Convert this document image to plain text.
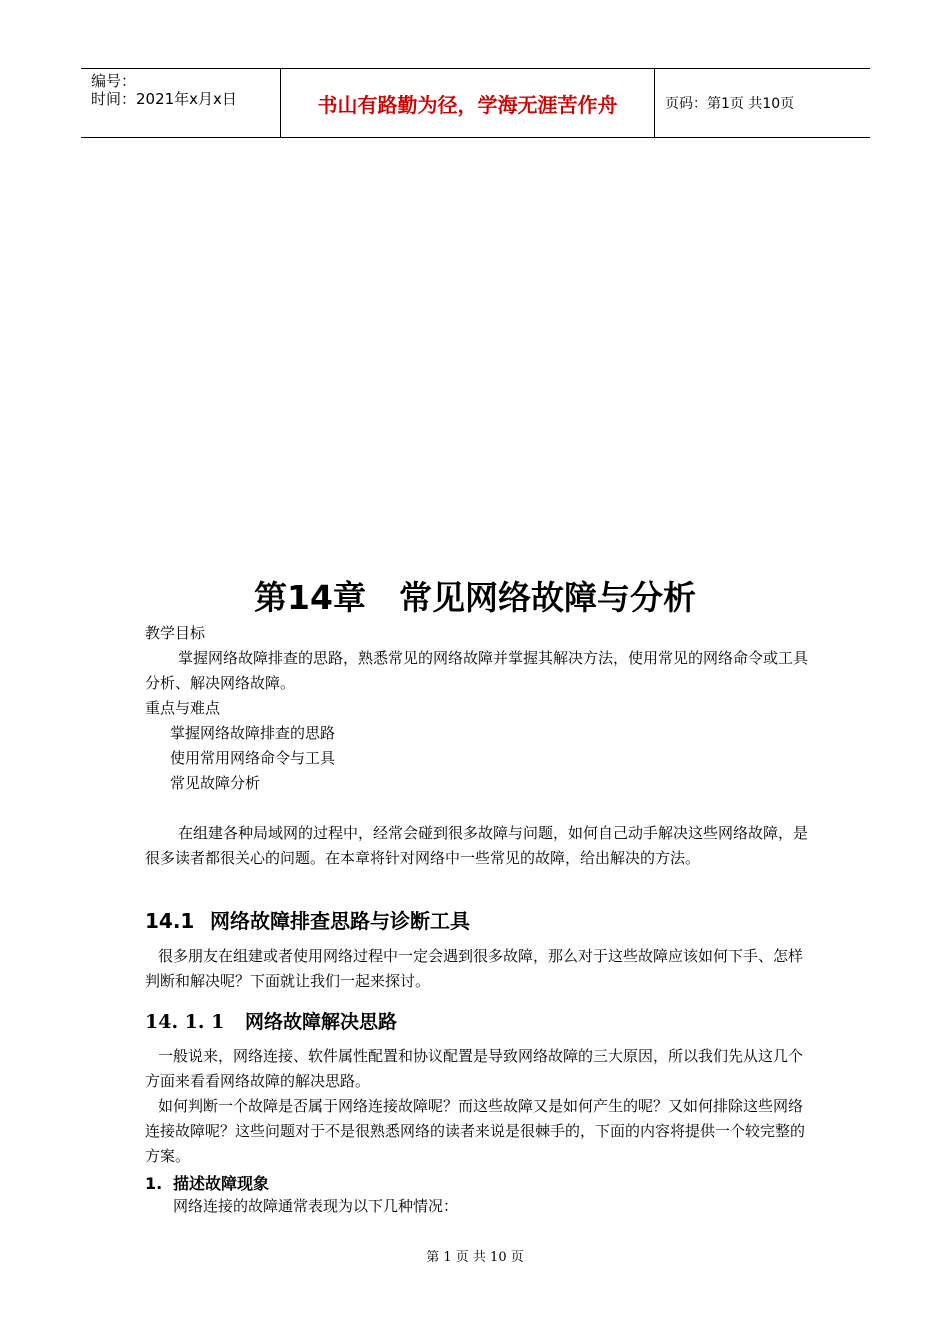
编号：
时间：2021年x月x日	书山有路勤为径，学海无涯苦作舟	页码：第1页 共10页
第14章　常见网络故障与分析
教学目标

掌握网络故障排查的思路，熟悉常见的网络故障并掌握其解决方法，使用常见的网络命令或工具分析、解决网络故障。

重点与难点
掌握网络故障排查的思路
使用常用网络命令与工具
常见故障分析

在组建各种局域网的过程中，经常会碰到很多故障与问题，如何自己动手解决这些网络故障，是很多读者都很关心的问题。在本章将针对网络中一些常见的故障，给出解决的方法。

14.1 网络故障排查思路与诊断工具

很多朋友在组建或者使用网络过程中一定会遇到很多故障，那么对于这些故障应该如何下手、怎样判断和解决呢？下面就让我们一起来探讨。

14. 1. 1 网络故障解决思路

一般说来，网络连接、软件属性配置和协议配置是导致网络故障的三大原因，所以我们先从这几个方面来看看网络故障的解决思路。

如何判断一个故障是否属于网络连接故障呢？而这些故障又是如何产生的呢？又如何排除这些网络连接故障呢？这些问题对于不是很熟悉网络的读者来说是很棘手的，下面的内容将提供一个较完整的方案。

1. 描述故障现象

网络连接的故障通常表现为以下几种情况：

第 1 页 共 10 页
